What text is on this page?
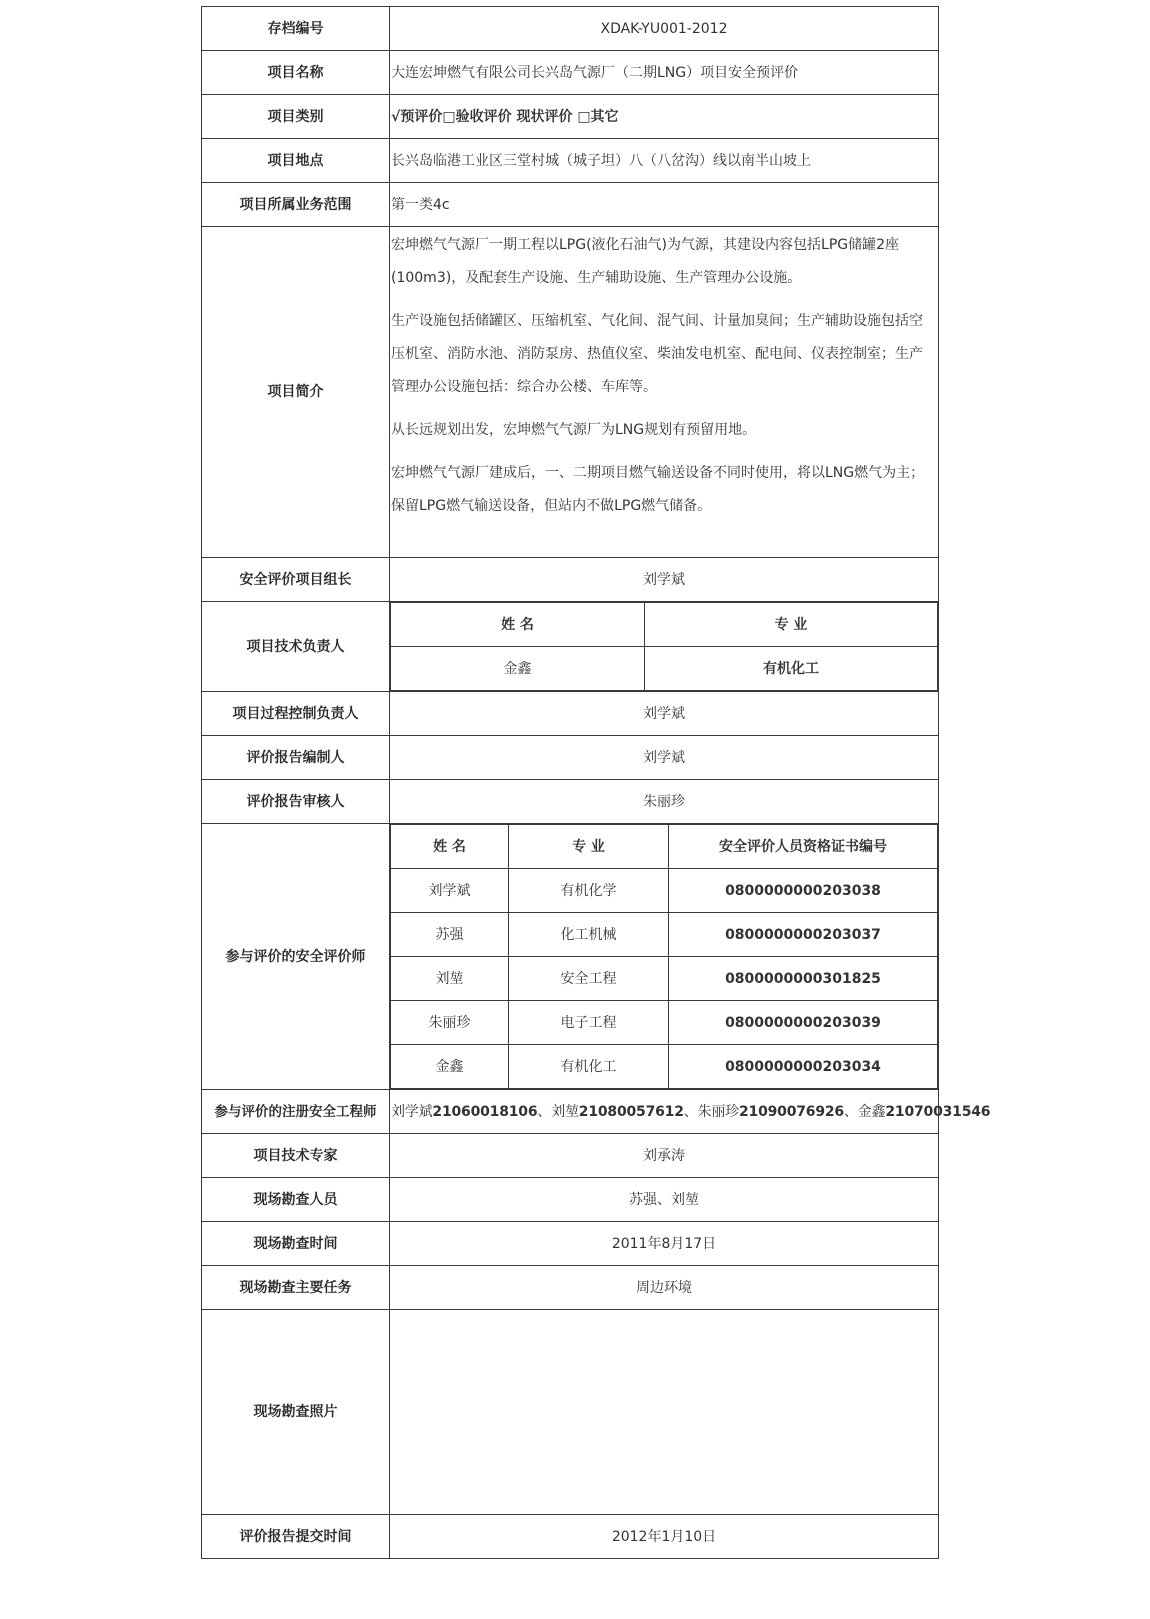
存档编号	XDAK-YU001-2012
项目名称	大连宏坤燃气有限公司长兴岛气源厂（二期LNG）项目安全预评价
项目类别	√预评价□验收评价 现状评价 □其它
项目地点	长兴岛临港工业区三堂村城（城子坦）八（八岔沟）线以南半山坡上
项目所属业务范围	第一类4c
项目简介	

宏坤燃气气源厂一期工程以LPG(液化石油气)为气源，其建设内容包括LPG储罐2座(100m3)，及配套生产设施、生产辅助设施、生产管理办公设施。

生产设施包括储罐区、压缩机室、气化间、混气间、计量加臭间；生产辅助设施包括空压机室、消防水池、消防泵房、热值仪室、柴油发电机室、配电间、仪表控制室；生产管理办公设施包括：综合办公楼、车库等。

从长远规划出发，宏坤燃气气源厂为LNG规划有预留用地。

宏坤燃气气源厂建成后，一、二期项目燃气输送设备不同时使用，将以LNG燃气为主；保留LPG燃气输送设备，但站内不做LPG燃气储备。

安全评价项目组长	刘学斌
项目技术负责人	
姓 名	专 业
金鑫	有机化工

项目过程控制负责人	刘学斌
评价报告编制人	刘学斌
评价报告审核人	朱丽珍
参与评价的安全评价师	
姓 名	专 业	安全评价人员资格证书编号
刘学斌	有机化学	0800000000203038
苏强	化工机械	0800000000203037
刘堃	安全工程	0800000000301825
朱丽珍	电子工程	0800000000203039
金鑫	有机化工	0800000000203034

参与评价的注册安全工程师	刘学斌21060018106、刘堃21080057612、朱丽珍21090076926、金鑫21070031546
项目技术专家	刘承涛
现场勘查人员	苏强、刘堃
现场勘查时间	2011年8月17日
现场勘查主要任务	周边环境
现场勘查照片	
评价报告提交时间	2012年1月10日
